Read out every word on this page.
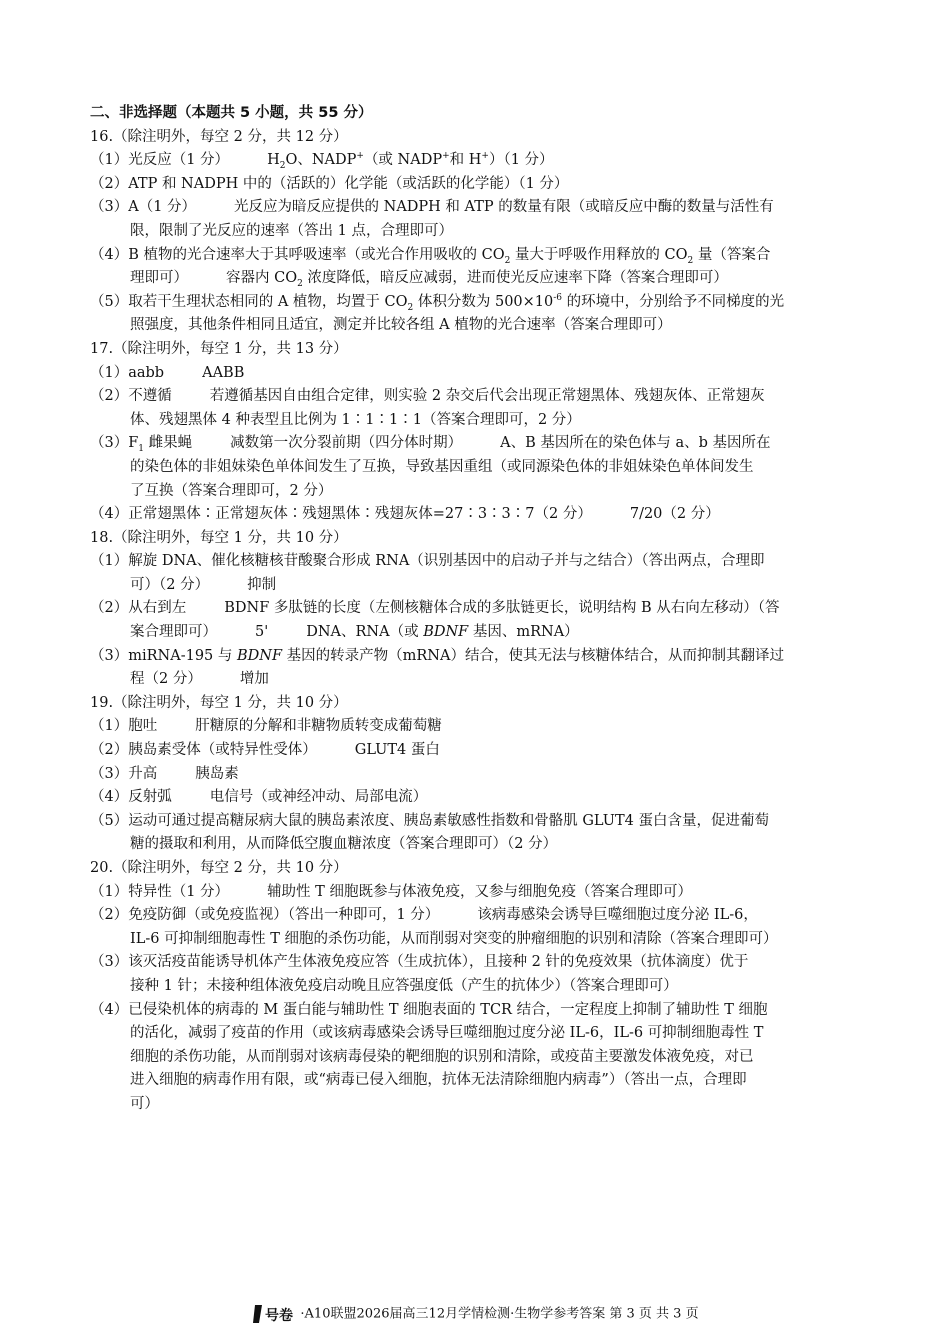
二、非选择题（本题共 5 小题，共 55 分）
16.（除注明外，每空 2 分，共 12 分）
（1）光反应（1 分）	$H_2O$、NADP+（或 NADP+和 H+）（1 分）
（2）ATP 和 NADPH 中的（活跃的）化学能（或活跃的化学能）（1 分）
（3）A（1 分）	光反应为暗反应提供的 NADPH 和 ATP 的数量有限（或暗反应中酶的数量与活性有
限，限制了光反应的速率（答出 1 点，合理即可）
（4）B 植物的光合速率大于其呼吸速率（或光合作用吸收的 $CO_2$ 量大于呼吸作用释放的 $CO_2$ 量（答案合
理即可）	容器内 $CO_2$ 浓度降低，暗反应减弱，进而使光反应速率下降（答案合理即可）
（5）取若干生理状态相同的 A 植物，均置于 $CO_2$ 体积分数为 $500\times 10^{-6}$ 的环境中，分别给予不同梯度的光
照强度，其他条件相同且适宜，测定并比较各组 A 植物的光合速率（答案合理即可）
17.（除注明外，每空 1 分，共 13 分）
（1）aabb	AABB
（2）不遵循	若遵循基因自由组合定律，则实验 2 杂交后代会出现正常翅黑体、残翅灰体、正常翅灰
体、残翅黑体 4 种表型且比例为 1∶1∶1∶1（答案合理即可，2 分）
$(3)F_1$ 雌果蝇	减数第一次分裂前期（四分体时期）	A、B 基因所在的染色体与 a、b 基因所在
的染色体的非姐妹染色单体间发生了互换，导致基因重组（或同源染色体的非姐妹染色单体间发生
了互换（答案合理即可，2 分）
（4）正常翅黑体∶正常翅灰体∶残翅黑体∶残翅灰体=27∶3∶3∶7（2 分）	7/20（2 分）
18.（除注明外，每空 1 分，共 10 分）
（1）解旋 DNA、催化核糖核苷酸聚合形成 RNA（识别基因中的启动子并与之结合）（答出两点，合理即
可）（2 分）	抑制
（2）从右到左	BDNF 多肽链的长度（左侧核糖体合成的多肽链更长，说明结构 B 从右向左移动）（答
案合理即可）	5'	DNA、RNA（或 BDNF 基因、mRNA）
（3）miRNA-195 与 BDNF 基因的转录产物（mRNA）结合，使其无法与核糖体结合，从而抑制其翻译过
程（2 分）	增加
19.（除注明外，每空 1 分，共 10 分）
（1）胞吐	肝糖原的分解和非糖物质转变成葡萄糖
（2）胰岛素受体（或特异性受体）	GLUT4 蛋白
（3）升高	胰岛素
（4）反射弧	电信号（或神经冲动、局部电流）
（5）运动可通过提高糖尿病大鼠的胰岛素浓度、胰岛素敏感性指数和骨骼肌 GLUT4 蛋白含量，促进葡萄
糖的摄取和利用，从而降低空腹血糖浓度（答案合理即可）（2 分）
20.（除注明外，每空 2 分，共 10 分）
（1）特异性（1 分）	辅助性 T 细胞既参与体液免疫，又参与细胞免疫（答案合理即可）
（2）免疫防御（或免疫监视）（答出一种即可，1 分）	该病毒感染会诱导巨噬细胞过度分泌 IL-6，
IL-6 可抑制细胞毒性 T 细胞的杀伤功能，从而削弱对突变的肿瘤细胞的识别和清除（答案合理即可）
（3）该灭活疫苗能诱导机体产生体液免疫应答（生成抗体），且接种 2 针的免疫效果（抗体滴度）优于
接种 1 针；未接种组体液免疫启动晚且应答强度低（产生的抗体少）（答案合理即可）
（4）已侵染机体的病毒的 M 蛋白能与辅助性 T 细胞表面的 TCR 结合，一定程度上抑制了辅助性 T 细胞
的活化，减弱了疫苗的作用（或该病毒感染会诱导巨噬细胞过度分泌 IL-6，IL-6 可抑制细胞毒性 T
细胞的杀伤功能，从而削弱对该病毒侵染的靶细胞的识别和清除，或疫苗主要激发体液免疫，对已
进入细胞的病毒作用有限，或“病毒已侵入细胞，抗体无法清除细胞内病毒”）（答出一点，合理即
可）
号卷 ·A10联盟2026届高三12月学情检测·生物学参考答案 第 3 页 共 3 页
